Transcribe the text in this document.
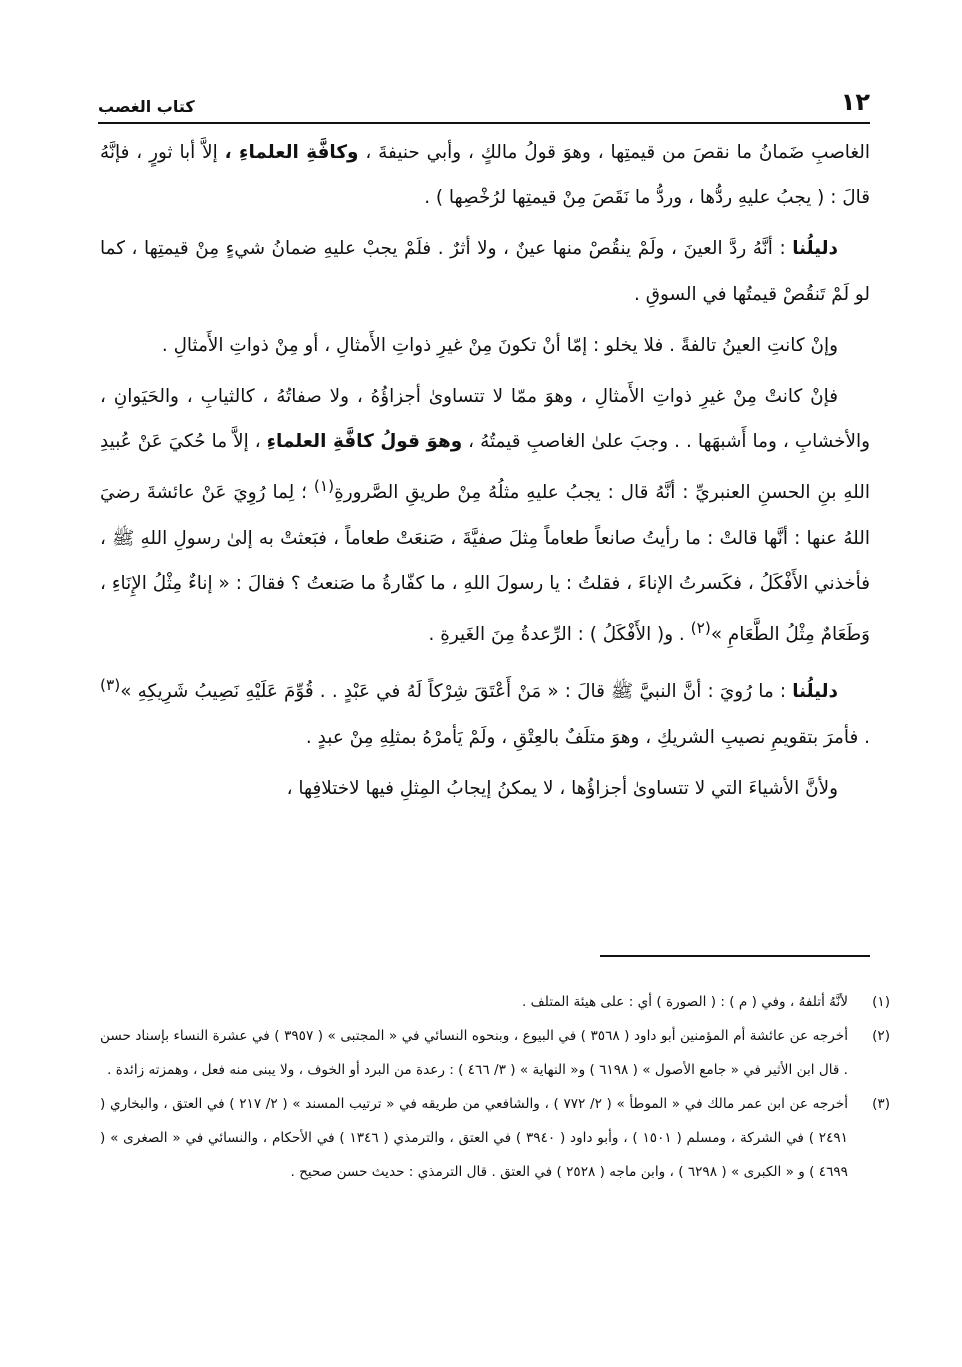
١٢
كتاب الغصب

الغاصبِ ضَمانُ ما نقصَ من قيمتِها ، وهوَ قولُ مالكٍ ، وأبي حنيفةَ ، وكافَّةِ العلماءِ ، إلاَّ أبا ثورٍ ، فإنَّهُ قالَ : ( يجبُ عليهِ ردُّها ، وردُّ ما نَقَصَ مِنْ قيمتِها لرُخْصِها ) .

دليلُنا : أنَّهُ ردَّ العينَ ، ولَمْ ينقُصْ منها عينٌ ، ولا أثرٌ . فلَمْ يجبْ عليهِ ضمانُ شيءٍ مِنْ قيمتِها ، كما لو لَمْ تَنقُصْ قيمتُها في السوقِ .

وإنْ كانتِ العينُ تالفةً . فلا يخلو : إمّا أنْ تكونَ مِنْ غيرِ ذواتِ الأَمثالِ ، أو مِنْ ذواتِ الأَمثالِ .

فإنْ كانتْ مِنْ غيرِ ذواتِ الأَمثالِ ، وهوَ ممّا لا تتساوىٰ أجزاؤُهُ ، ولا صفاتُهُ ، كالثيابِ ، والحَيَوانِ ، والأخشابِ ، وما أَشبهَها . . وجبَ علىٰ الغاصبِ قيمتُهُ ، وهوَ قولُ كافَّةِ العلماءِ ، إلاَّ ما حُكيَ عَنْ عُبيدِ اللهِ بنِ الحسنِ العنبريِّ : أنَّهُ قال : يجبُ عليهِ مثلُهُ مِنْ طريقِ الصَّرورةِ$^{(١)}$ ؛ لِما رُوِيَ عَنْ عائشةَ رضيَ اللهُ عنها : أنَّها قالتْ : ما رأيتُ صانعاً طعاماً مِثلَ صفيَّةَ ، صَنعَتْ طعاماً ، فبَعثتْ به إلىٰ رسولِ اللهِ ﷺ ، فأخذني الأَفْكَلُ ، فكَسرتُ الإناءَ ، فقلتُ : يا رسولَ اللهِ ، ما كفّارةُ ما صَنعتُ ؟ فقالَ : « إناءٌ مِثْلُ الإِنَاءِ ، وَطَعَامٌ مِثْلُ الطَّعَامِ »$^{(٢)}$ . و( الأَفْكَلُ ) : الرِّعدةُ مِنَ الغَيرةِ .

دليلُنا : ما رُويَ : أنَّ النبيَّ ﷺ قالَ : « مَنْ أَعْتَقَ شِرْكاً لَهُ في عَبْدٍ . . قُوِّمَ عَلَيْهِ نَصِيبُ شَرِيكِهِ »$^{(٣)}$ . فأمرَ بتقويمِ نصيبِ الشريكِ ، وهوَ متلَفٌ بالعِتْقِ ، ولَمْ يَأمرْهُ بمثلِهِ مِنْ عبدٍ .

ولأنَّ الأشياءَ التي لا تتساوىٰ أجزاؤُها ، لا يمكنُ إيجابُ المِثلِ فيها لاختلافِها ،

(١)
لأنَّهُ أتلفهُ ، وفي ( م ) : ( الصورة ) أي : على هيئة المتلف .
(٢)
أخرجه عن عائشة أم المؤمنين أبو داود ( ٣٥٦٨ ) في البيوع ، وبنحوه النسائي في « المجتبى » ( ٣٩٥٧ ) في عشرة النساء بإسناد حسن . قال ابن الأثير في « جامع الأصول » ( ٦١٩٨ ) و« النهاية » ( ٣/ ٤٦٦ ) : رعدة من البرد أو الخوف ، ولا يبنى منه فعل ، وهمزته زائدة .
(٣)
أخرجه عن ابن عمر مالك في « الموطأ » ( ٢/ ٧٧٢ ) ، والشافعي من طريقه في « ترتيب المسند » ( ٢/ ٢١٧ ) في العتق ، والبخاري ( ٢٤٩١ ) في الشركة ، ومسلم ( ١٥٠١ ) ، وأبو داود ( ٣٩٤٠ ) في العتق ، والترمذي ( ١٣٤٦ ) في الأحكام ، والنسائي في « الصغرى » ( ٤٦٩٩ ) و « الكبرى » ( ٦٢٩٨ ) ، وابن ماجه ( ٢٥٢٨ ) في العتق . قال الترمذي : حديث حسن صحيح .
